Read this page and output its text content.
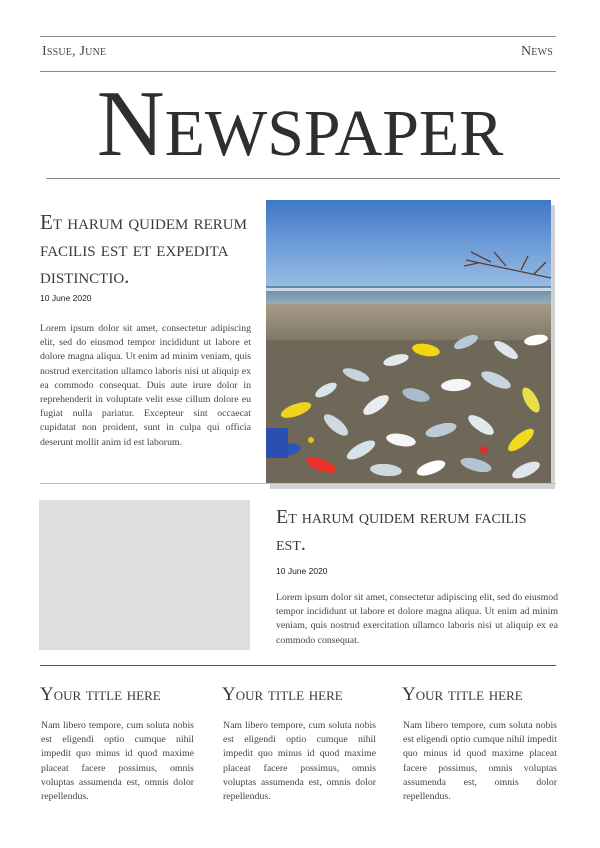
Issue, June	News
Newspaper
Et harum quidem rerum facilis est et expedita distinctio.
10 June 2020

Lorem ipsum dolor sit amet, consectetur adipiscing elit, sed do eiusmod tempor incididunt ut labore et dolore magna aliqua. Ut enim ad minim veniam, quis nostrud exercitation ullamco laboris nisi ut aliquip ex ea commodo consequat. Duis aute irure dolor in reprehenderit in voluptate velit esse cillum dolore eu fugiat nulla pariatur. Excepteur sint occaecat cupidatat non proident, sunt in culpa qui officia deserunt mollit anim id est laborum.

Et harum quidem rerum facilis est.
10 June 2020

Lorem ipsum dolor sit amet, consectetur adipiscing elit, sed do eiusmod tempor incididunt ut labore et dolore magna aliqua. Ut enim ad minim veniam, quis nostrud exercitation ullamco laboris nisi ut aliquip ex ea commodo consequat.

Your title here

Nam libero tempore, cum soluta nobis est eligendi optio cumque nihil impedit quo minus id quod maxime placeat facere possimus, omnis voluptas assumenda est, omnis dolor repellendus.

Your title here

Nam libero tempore, cum soluta nobis est eligendi optio cumque nihil impedit quo minus id quod maxime placeat facere possimus, omnis voluptas assumenda est, omnis dolor repellendus.

Your title here

Nam libero tempore, cum soluta nobis est eligendi optio cumque nihil impedit quo minus id quod maxime placeat facere possimus, omnis voluptas assumenda est, omnis dolor repellendus.
